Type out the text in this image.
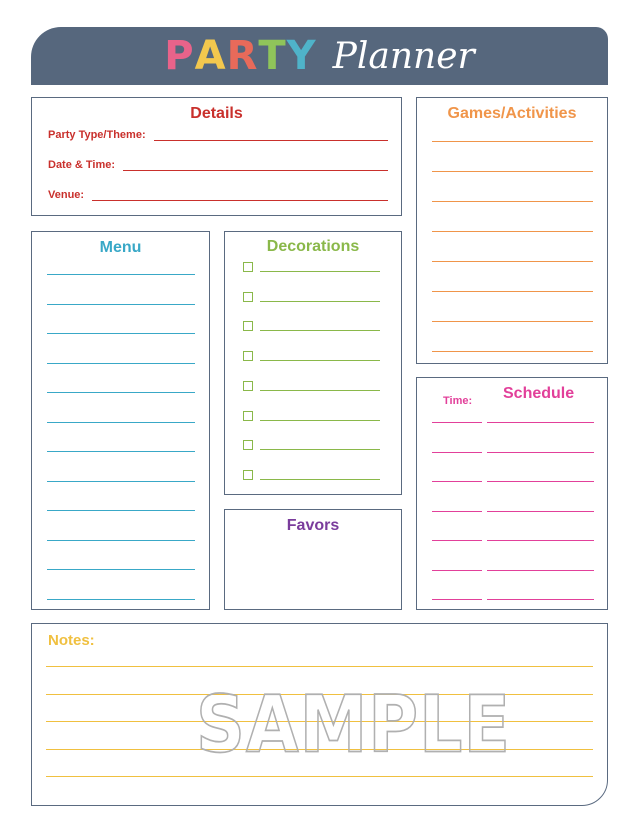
P A R T Y Planner
Details
Party Type/Theme:
Date & Time:
Venue:
Games/Activities
Menu	Decorations
Favors
Time: Schedule
Notes:
SAMPLE
